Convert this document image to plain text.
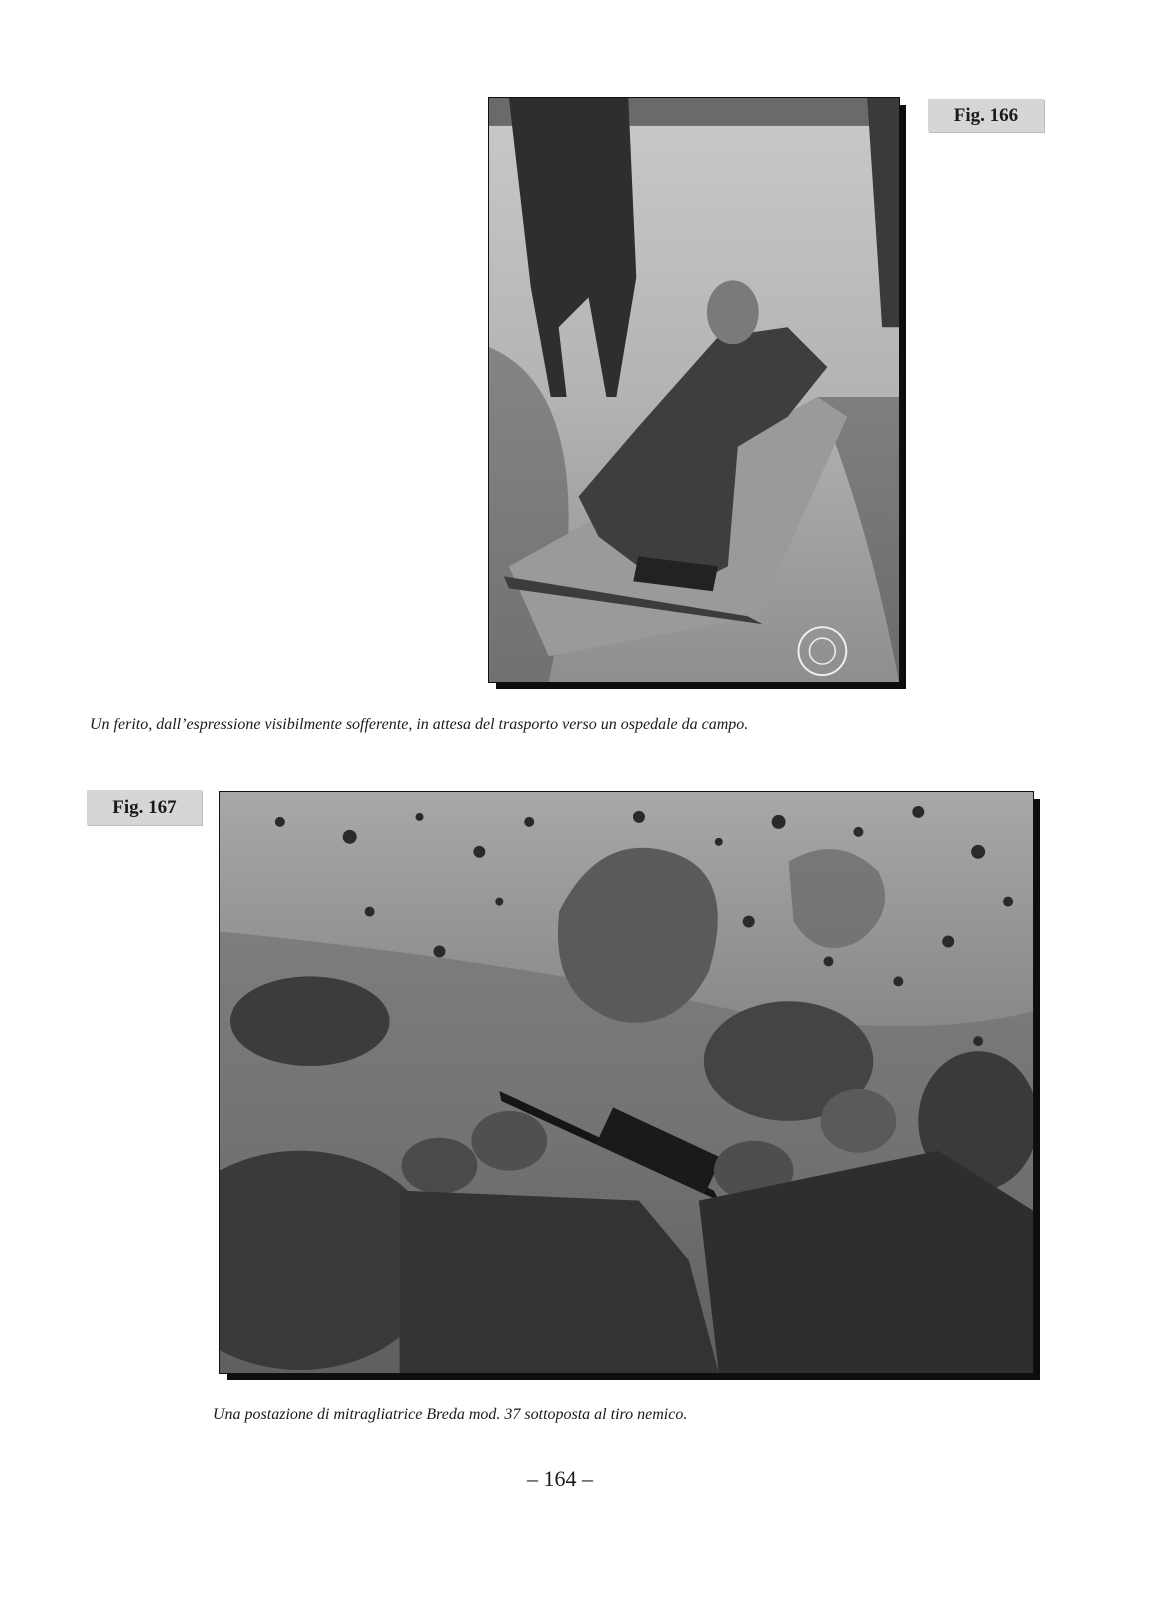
Fig. 166
Un ferito, dall’espressione visibilmente sofferente, in attesa del trasporto verso un ospedale da campo.
Fig. 167
Una postazione di mitragliatrice Breda mod. 37 sottoposta al tiro nemico.
– 164 –
